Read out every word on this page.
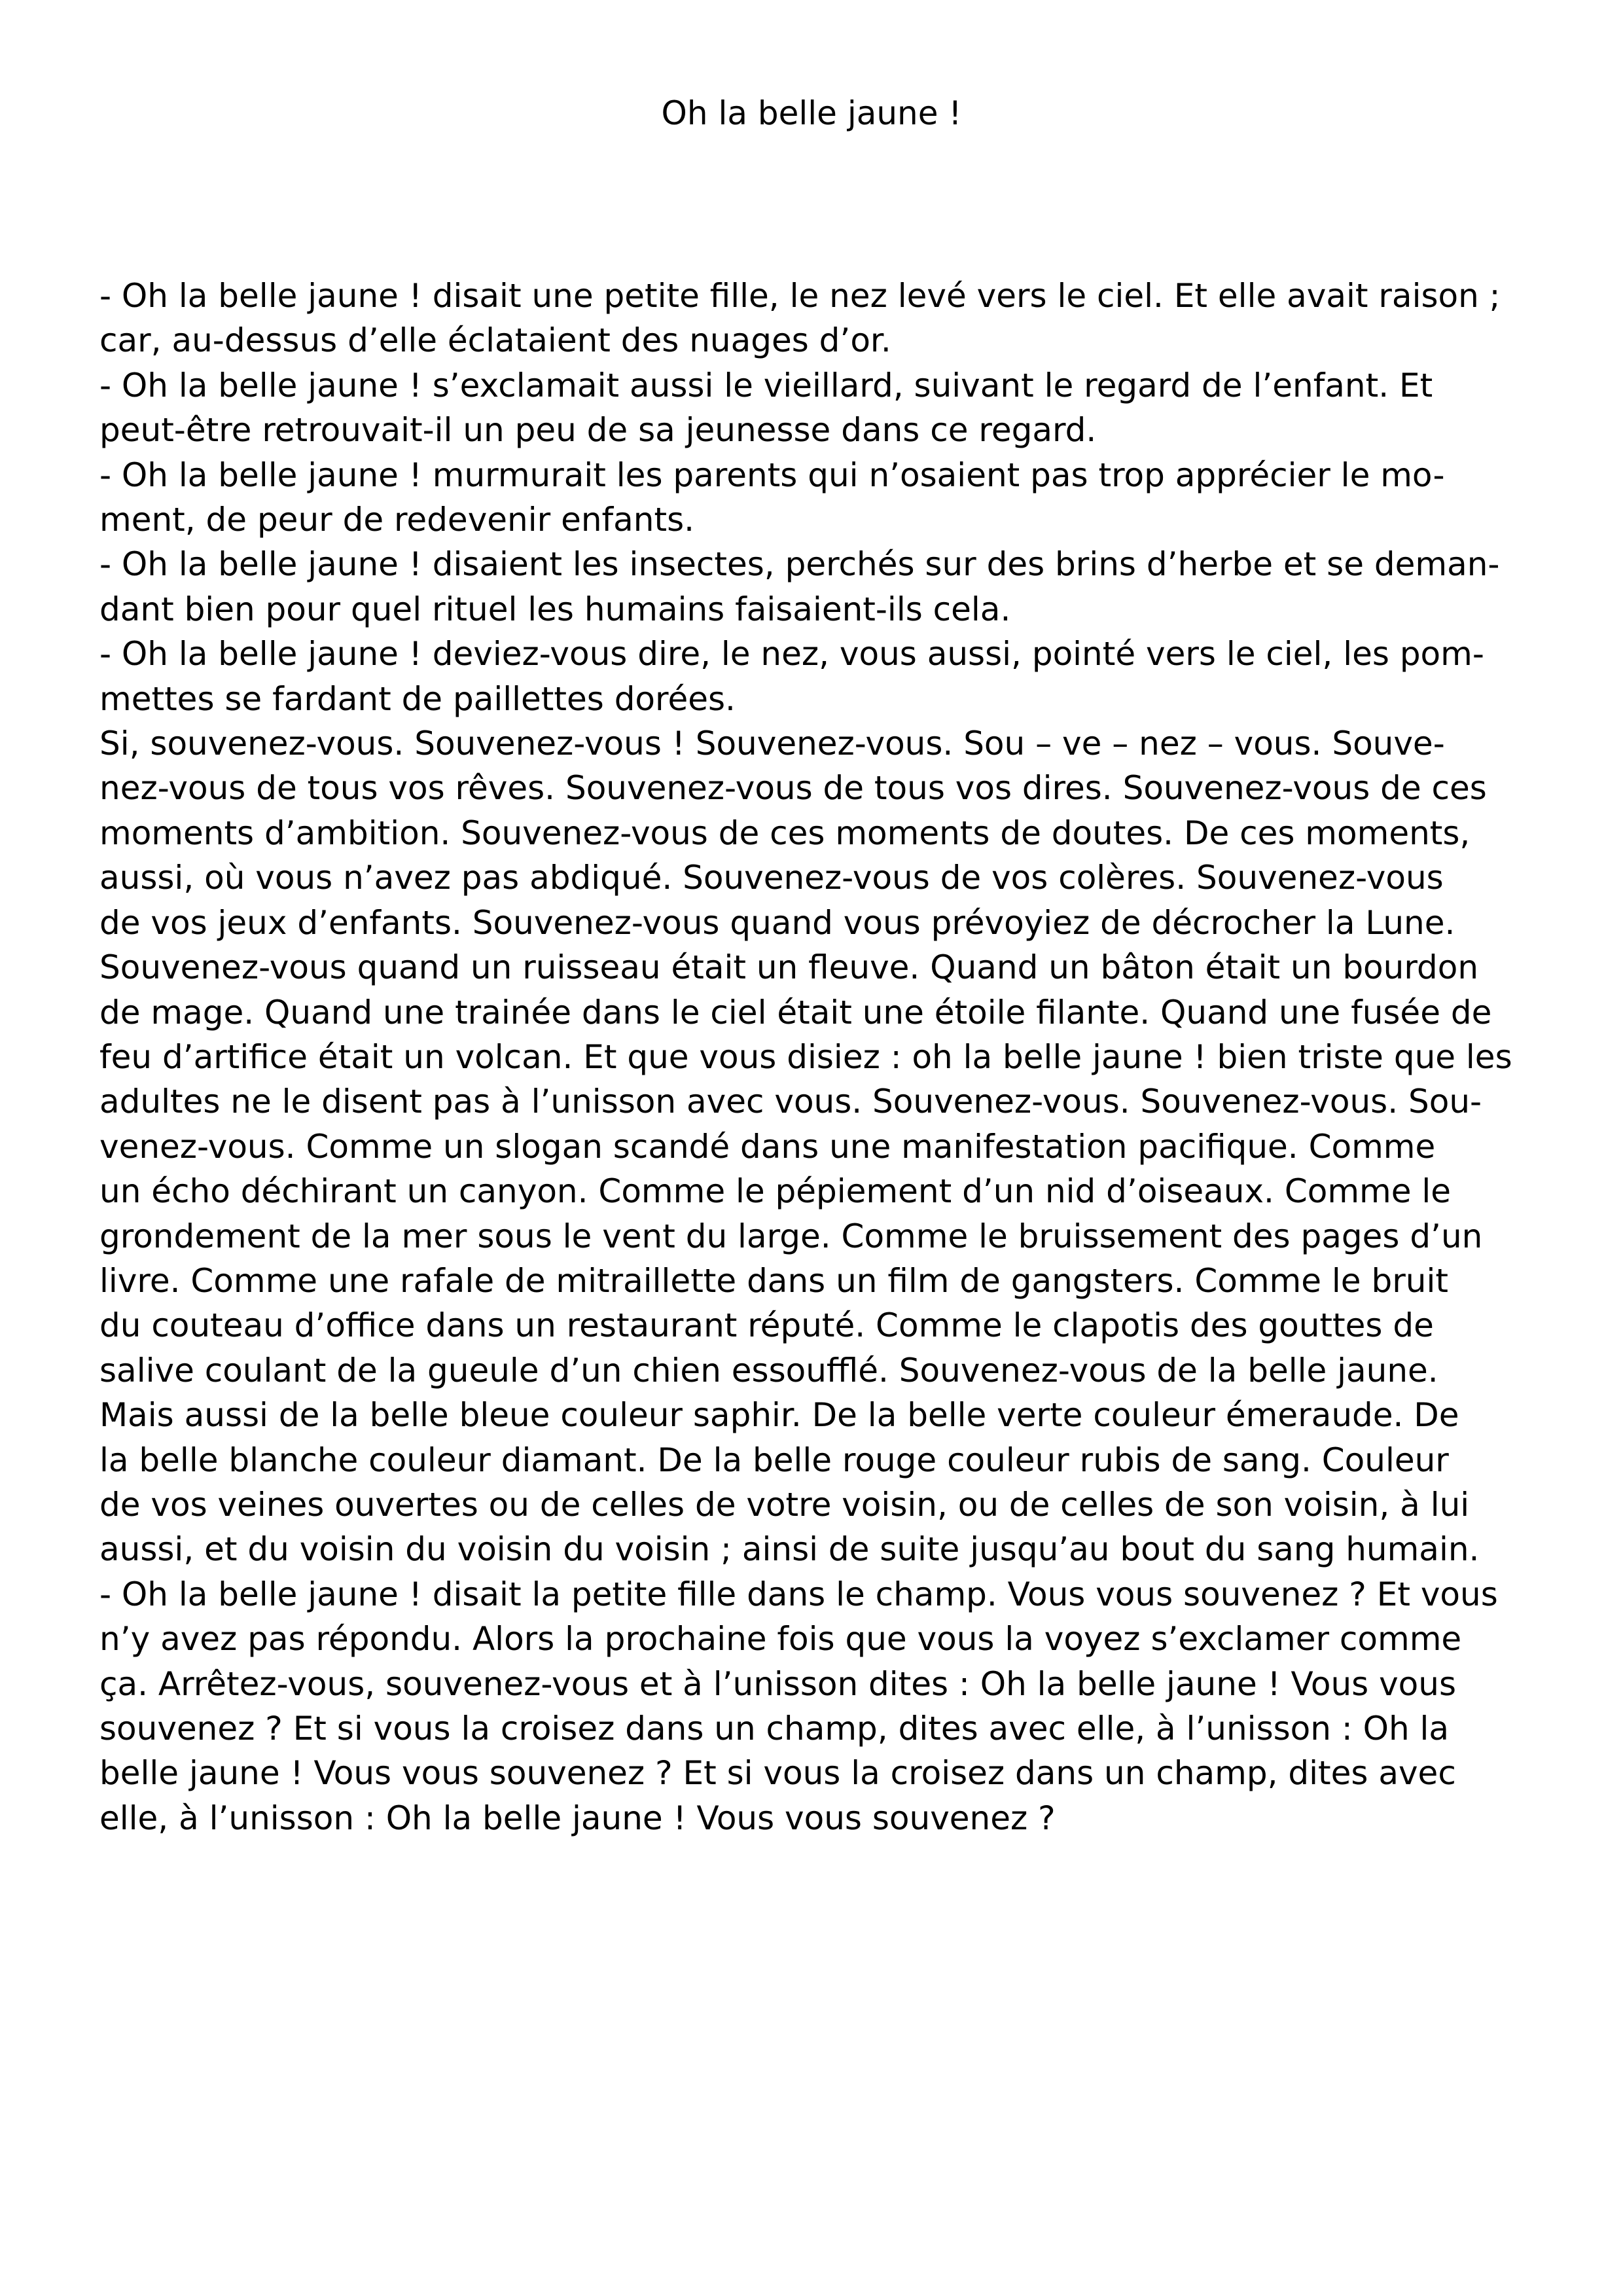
Oh la belle jaune !
- Oh la belle jaune ! disait une petite fille, le nez levé vers le ciel. Et elle avait raison ;
car, au-dessus d’elle éclataient des nuages d’or.
- Oh la belle jaune ! s’exclamait aussi le vieillard, suivant le regard de l’enfant. Et
peut-être retrouvait-il un peu de sa jeunesse dans ce regard.
- Oh la belle jaune ! murmurait les parents qui n’osaient pas trop apprécier le mo-
ment, de peur de redevenir enfants.
- Oh la belle jaune ! disaient les insectes, perchés sur des brins d’herbe et se deman-
dant bien pour quel rituel les humains faisaient-ils cela.
- Oh la belle jaune ! deviez-vous dire, le nez, vous aussi, pointé vers le ciel, les pom-
mettes se fardant de paillettes dorées.
Si, souvenez-vous. Souvenez-vous ! Souvenez-vous. Sou – ve – nez – vous. Souve-
nez-vous de tous vos rêves. Souvenez-vous de tous vos dires. Souvenez-vous de ces
moments d’ambition. Souvenez-vous de ces moments de doutes. De ces moments,
aussi, où vous n’avez pas abdiqué. Souvenez-vous de vos colères. Souvenez-vous
de vos jeux d’enfants. Souvenez-vous quand vous prévoyiez de décrocher la Lune.
Souvenez-vous quand un ruisseau était un fleuve. Quand un bâton était un bourdon
de mage. Quand une trainée dans le ciel était une étoile filante. Quand une fusée de
feu d’artifice était un volcan. Et que vous disiez : oh la belle jaune ! bien triste que les
adultes ne le disent pas à l’unisson avec vous. Souvenez-vous. Souvenez-vous. Sou-
venez-vous. Comme un slogan scandé dans une manifestation pacifique. Comme
un écho déchirant un canyon. Comme le pépiement d’un nid d’oiseaux. Comme le
grondement de la mer sous le vent du large. Comme le bruissement des pages d’un
livre. Comme une rafale de mitraillette dans un film de gangsters. Comme le bruit
du couteau d’office dans un restaurant réputé. Comme le clapotis des gouttes de
salive coulant de la gueule d’un chien essoufflé. Souvenez-vous de la belle jaune.
Mais aussi de la belle bleue couleur saphir. De la belle verte couleur émeraude. De
la belle blanche couleur diamant. De la belle rouge couleur rubis de sang. Couleur
de vos veines ouvertes ou de celles de votre voisin, ou de celles de son voisin, à lui
aussi, et du voisin du voisin du voisin ; ainsi de suite jusqu’au bout du sang humain.
- Oh la belle jaune ! disait la petite fille dans le champ. Vous vous souvenez ? Et vous
n’y avez pas répondu. Alors la prochaine fois que vous la voyez s’exclamer comme
ça. Arrêtez-vous, souvenez-vous et à l’unisson dites : Oh la belle jaune ! Vous vous
souvenez ? Et si vous la croisez dans un champ, dites avec elle, à l’unisson : Oh la
belle jaune ! Vous vous souvenez ? Et si vous la croisez dans un champ, dites avec
elle, à l’unisson : Oh la belle jaune ! Vous vous souvenez ?
